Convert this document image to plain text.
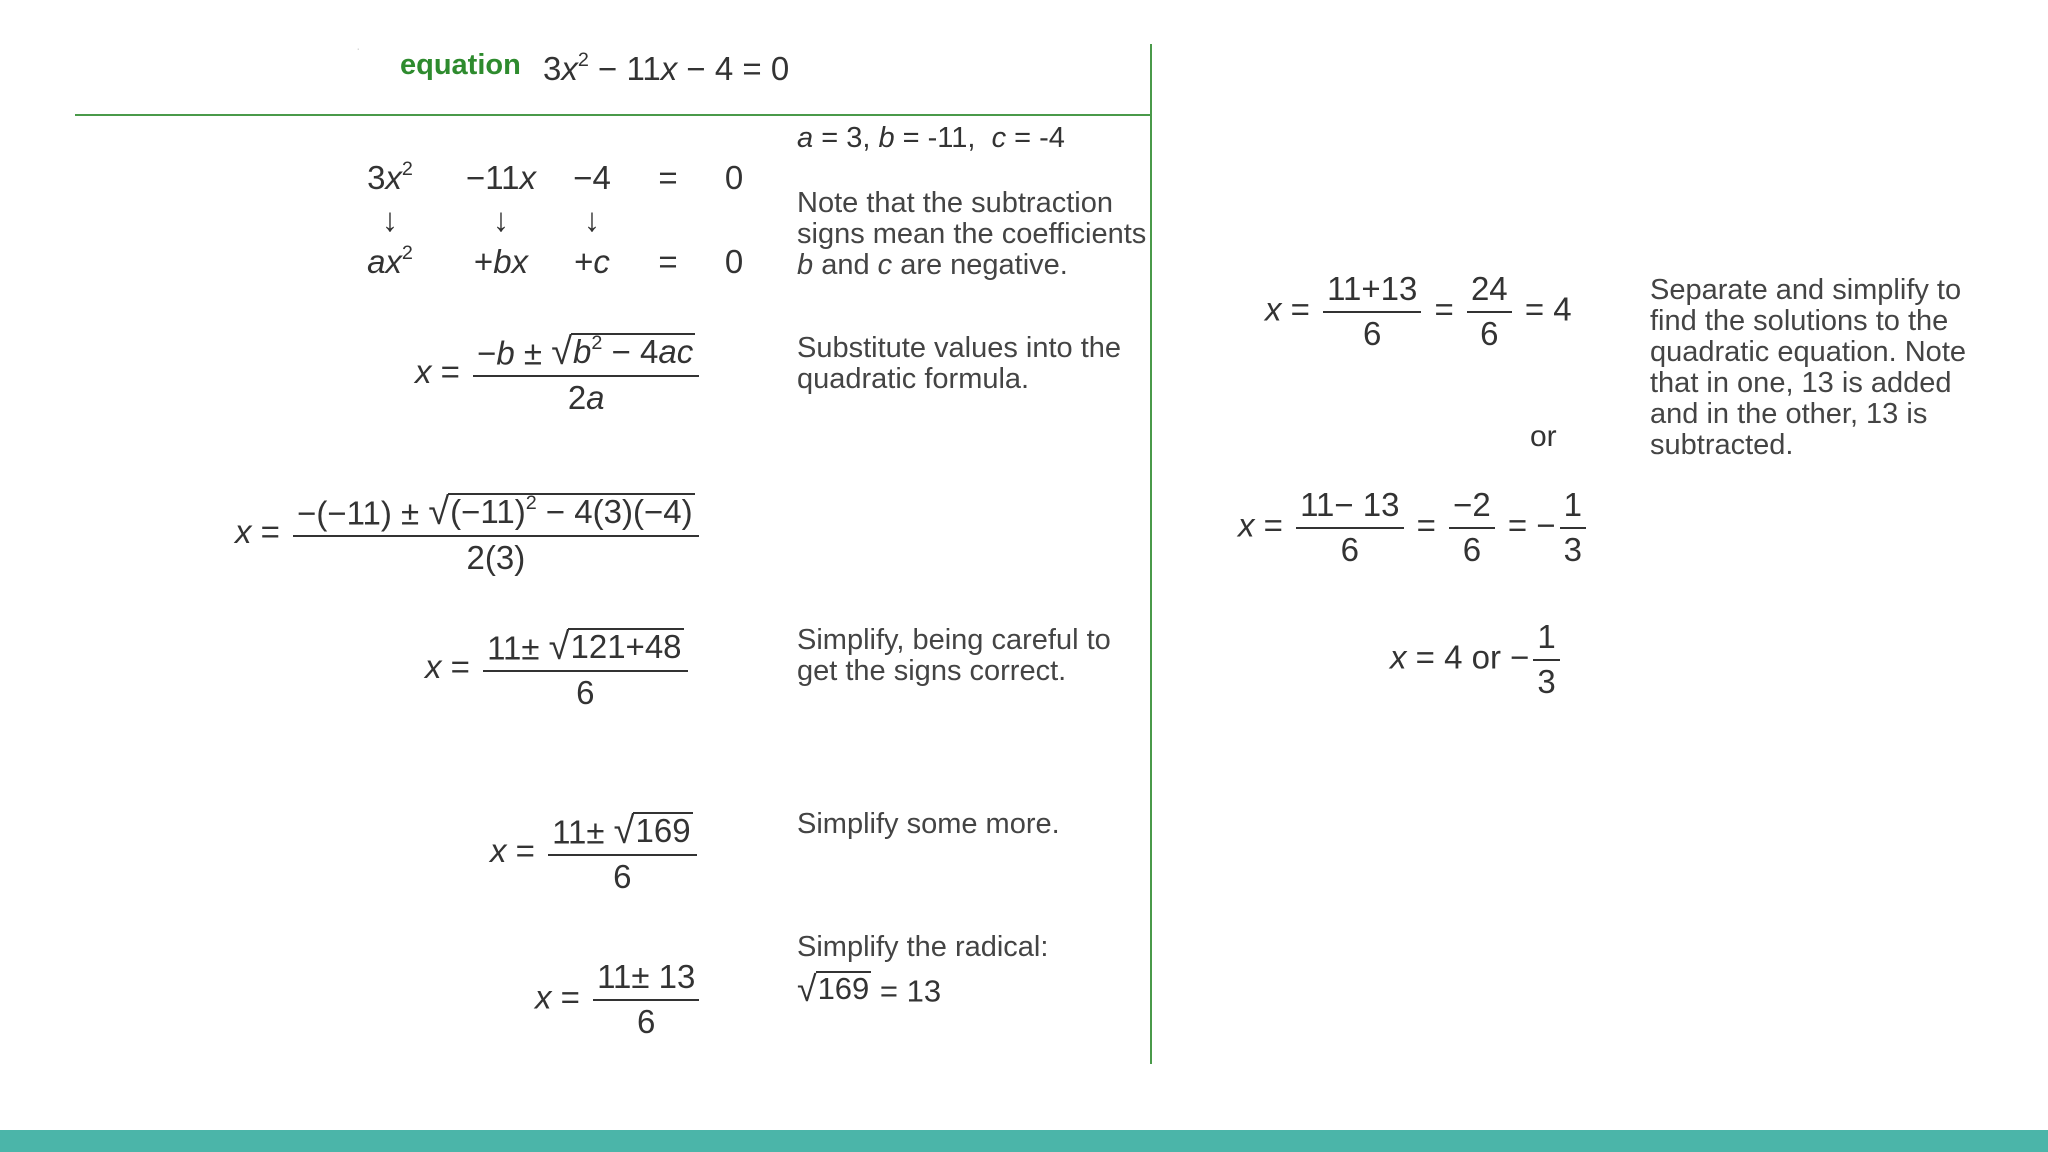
· equation $3x^2 - 11x - 4 = 0$
a = 3, b = -11,  c = -4
$3x^2$	−11x	−4	=	0
↓	↓	↓
$ax^2$	+bx	+c	=	0
Note that the subtraction signs mean the coefficients b and c are negative.
$x = \frac{-b \pm √ b^2 - 4ac}{2a}$	Substitute values into the quadratic formula.
$x = \frac{-(-11) \pm √ (-11)^2 - 4(3)(-4)}{2(3)}$
$x = \frac{11\pm √ 121+48}{6}$	Simplify, being careful to get the signs correct.
$x = \frac{11\pm √ 169}{6}$	Simplify some more.
$x = \frac{11\pm 13}{6}$
Simplify the radical:
√ 169 = 13
$x = \frac{11+13}{6} = \frac{24}{6} = 4$
or
$x = \frac{11- 13}{6} = \frac{-2}{6}$ = − $\frac{1}{3}$
x = 4 or − $\frac{1}{3}$
Separate and simplify to find the solutions to the quadratic equation. Note that in one, 13 is added and in the other, 13 is subtracted.
